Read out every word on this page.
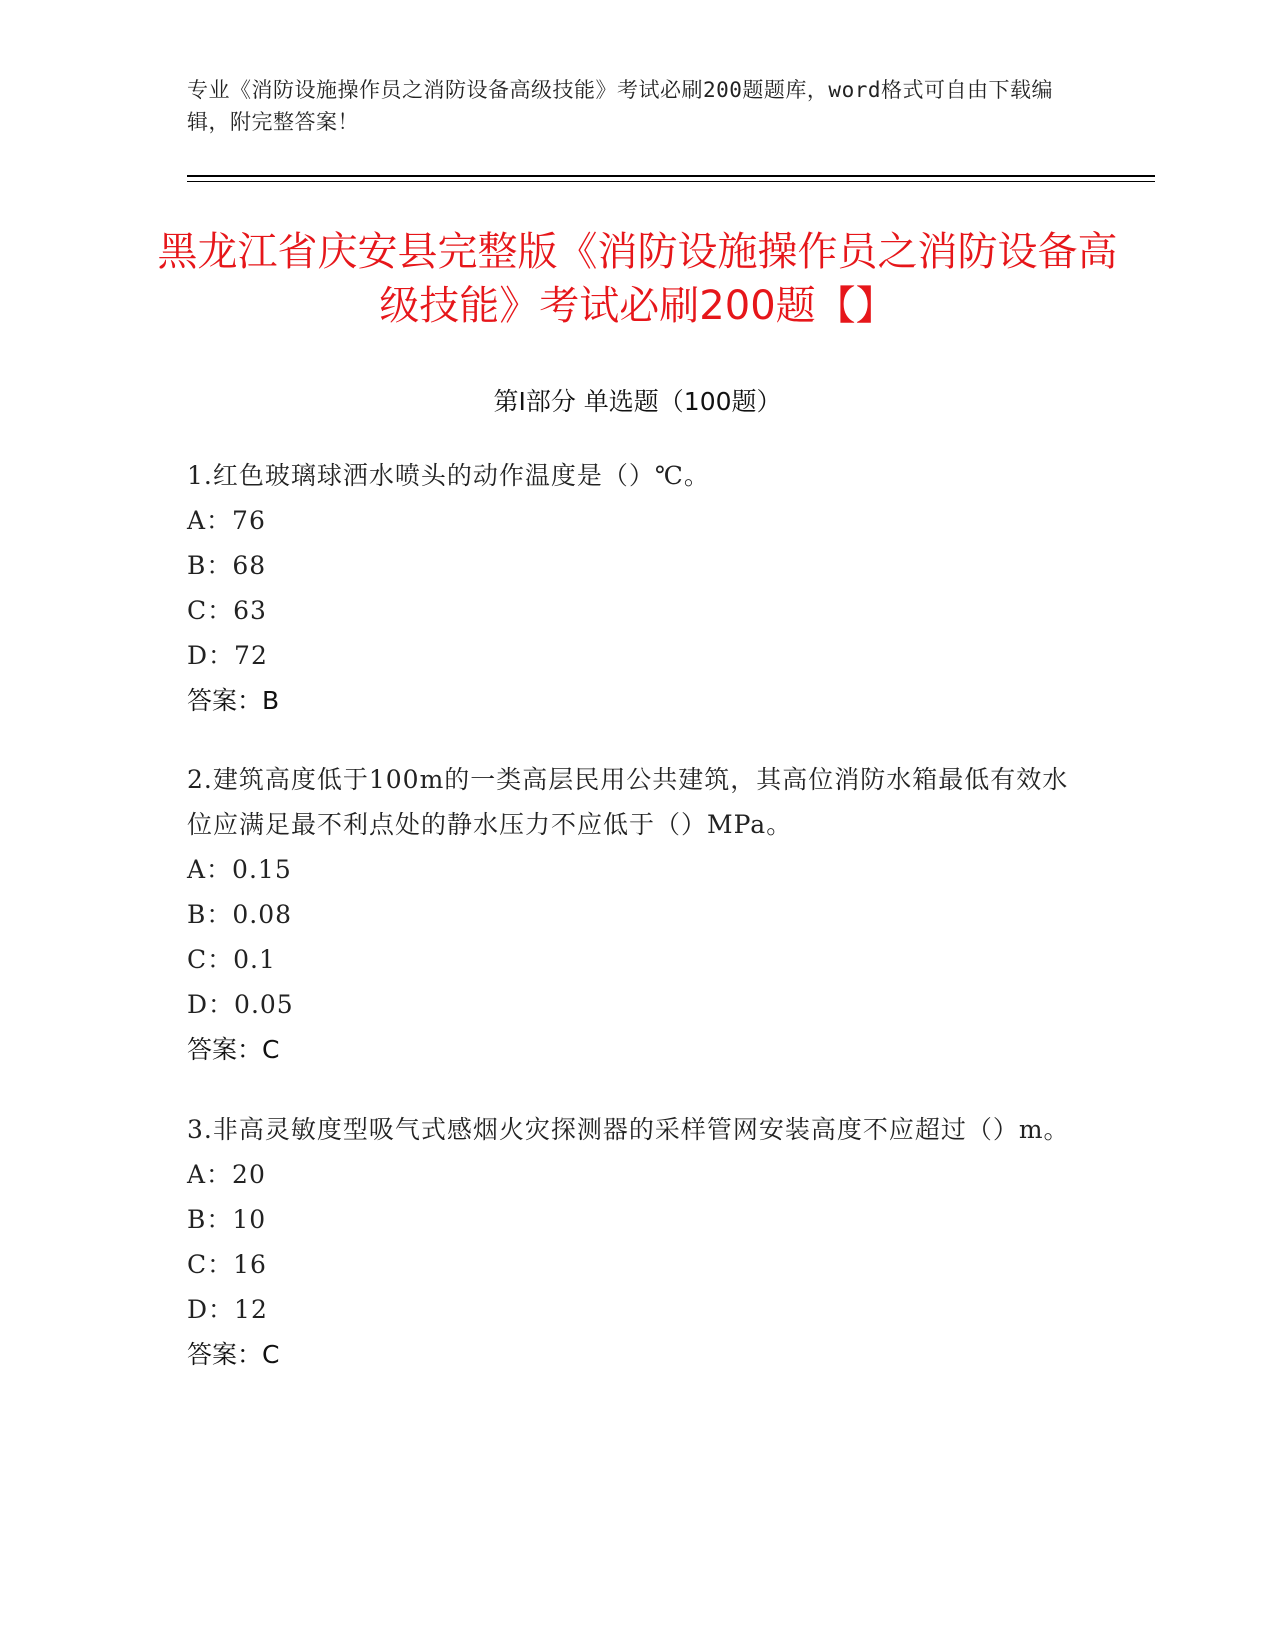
专业《消防设施操作员之消防设备高级技能》考试必刷200题题库，word格式可自由下载编辑，附完整答案！
黑龙江省庆安县完整版《消防设施操作员之消防设备高级技能》考试必刷200题【】
第Ⅰ部分 单选题（100题）
1.红色玻璃球洒水喷头的动作温度是（）℃。
A：76
B：68
C：63
D：72
答案：B
2.建筑高度低于100m的一类高层民用公共建筑，其高位消防水箱最低有效水位应满足最不利点处的静水压力不应低于（）MPa。
A：0.15
B：0.08
C：0.1
D：0.05
答案：C
3.非高灵敏度型吸气式感烟火灾探测器的采样管网安装高度不应超过（）m。
A：20
B：10
C：16
D：12
答案：C
